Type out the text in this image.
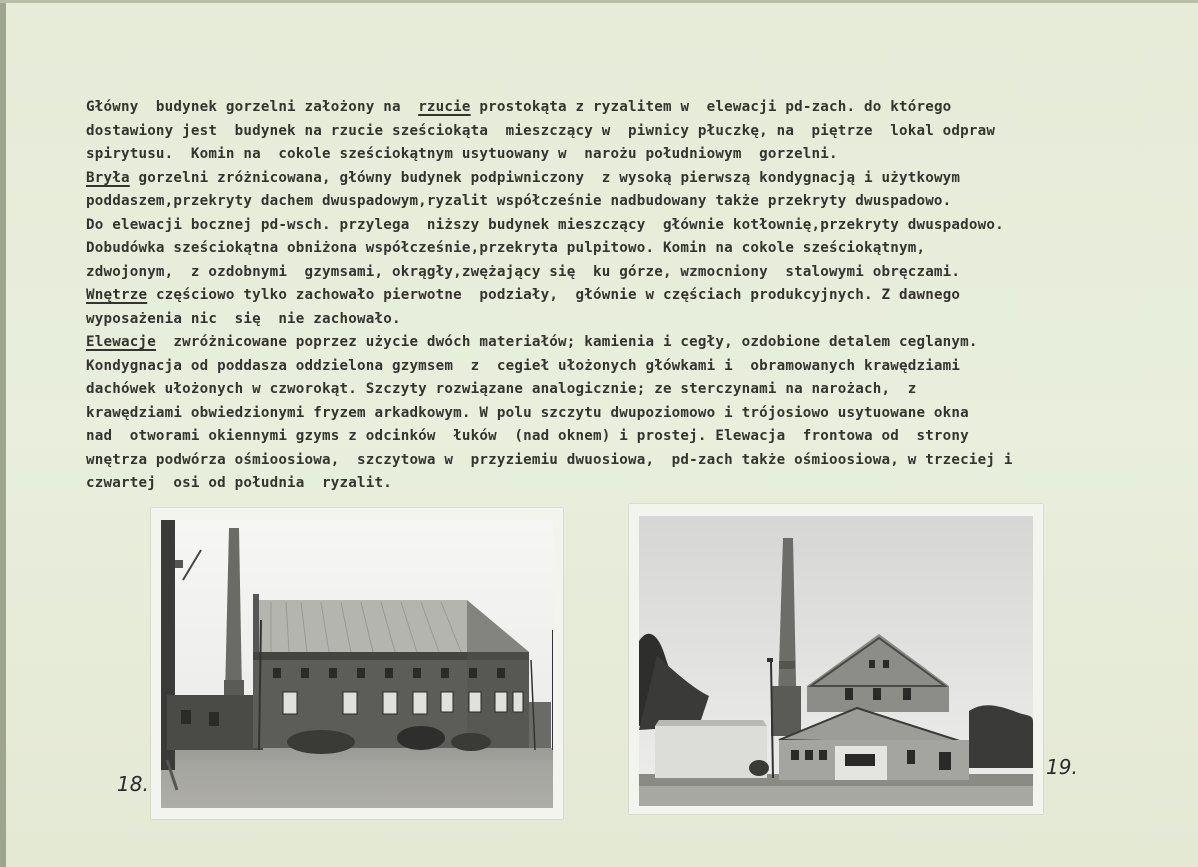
Główny  budynek gorzelni założony na  rzucie prostokąta z ryzalitem w  elewacji pd-zach. do którego
dostawiony jest  budynek na rzucie sześciokąta  mieszczący w  piwnicy płuczkę, na  piętrze  lokal odpraw
spirytusu.  Komin na  cokole sześciokątnym usytuowany w  narożu południowym  gorzelni.
Bryła gorzelni zróżnicowana, główny budynek podpiwniczony  z wysoką pierwszą kondygnacją i użytkowym
poddaszem,przekryty dachem dwuspadowym,ryzalit współcześnie nadbudowany także przekryty dwuspadowo.
Do elewacji bocznej pd-wsch. przylega  niższy budynek mieszczący  głównie kotłownię,przekryty dwuspadowo.
Dobudówka sześciokątna obniżona współcześnie,przekryta pulpitowo. Komin na cokole sześciokątnym,
zdwojonym,  z ozdobnymi  gzymsami, okrągły,zwężający się  ku górze, wzmocniony  stalowymi obręczami.
Wnętrze częściowo tylko zachowało pierwotne  podziały,  głównie w częściach produkcyjnych. Z dawnego
wyposażenia nic  się  nie zachowało.
Elewacje  zwróżnicowane poprzez użycie dwóch materiałów; kamienia i cegły, ozdobione detalem ceglanym.
Kondygnacja od poddasza oddzielona gzymsem  z  cegieł ułożonych główkami i  obramowanych krawędziami
dachówek ułożonych w czworokąt. Szczyty rozwiązane analogicznie; ze sterczynami na narożach,  z
krawędziami obwiedzionymi fryzem arkadkowym. W polu szczytu dwupoziomowo i trójosiowo usytuowane okna
nad  otworami okiennymi gzyms z odcinków  łuków  (nad oknem) i prostej. Elewacja  frontowa od  strony
wnętrza podwórza ośmioosiowa,  szczytowa w  przyziemiu dwuosiowa,  pd-zach także ośmioosiowa, w trzeciej i
czwartej  osi od południa  ryzalit.
18.
19.
